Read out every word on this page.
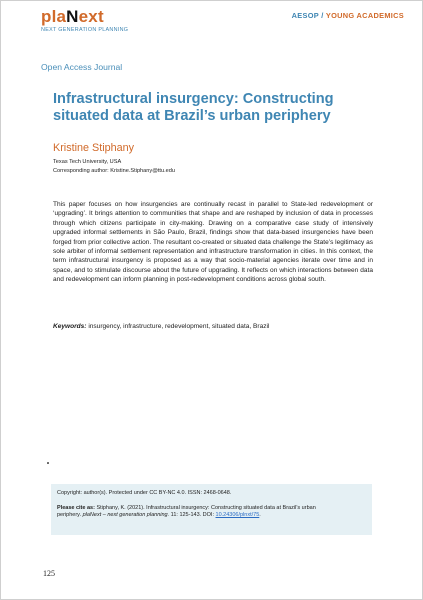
plaNext
NEXT GENERATION PLANNING
AESOP / YOUNG ACADEMICS
Open Access Journal
Infrastructural insurgency: Constructing situated data at Brazil’s urban periphery
Kristine Stiphany
Texas Tech University, USA
Corresponding author: Kristine.Stiphany@ttu.edu
This paper focuses on how insurgencies are continually recast in parallel to State-led redevelopment or ‘upgrading’. It brings attention to communities that shape and are reshaped by inclusion of data in processes through which citizens participate in city-making. Drawing on a comparative case study of intensively upgraded informal settlements in São Paulo, Brazil, findings show that data-based insurgencies have been forged from prior collective action. The resultant co-created or situated data challenge the State’s legitimacy as sole arbiter of informal settlement representation and infrastructure transformation in cities. In this context, the term infrastructural insurgency is proposed as a way that socio-material agencies iterate over time and in space, and to stimulate discourse about the future of upgrading. It reflects on which interactions between data and redevelopment can inform planning in post-redevelopment conditions across global south.
Keywords: insurgency, infrastructure, redevelopment, situated data, Brazil
Copyright: author(s). Protected under CC BY-NC 4.0. ISSN: 2468-0648.
Please cite as: Stiphany, K. (2021). Infrastructural insurgency: Constructing situated data at Brazil’s urban
periphery. plaNext – next generation planning. 11: 125-143. DOI: 10.24306/plnxt/75.
125
